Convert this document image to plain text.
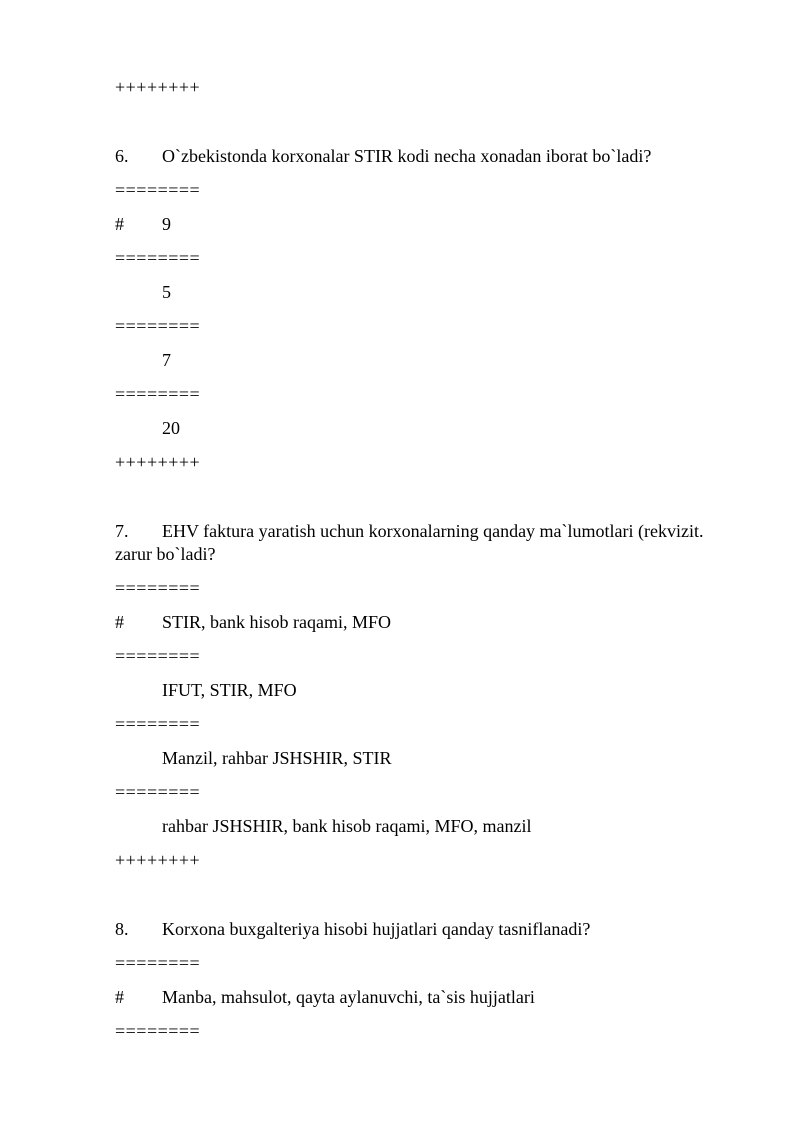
++++++++
6. O`zbekistonda korxonalar STIR kodi necha xonadan iborat bo`ladi?
========
# 9
========
5
========
7
========
20
++++++++
7. EHV faktura yaratish uchun korxonalarning qanday ma`lumotlari (rekvizit.
zarur bo`ladi?
========
# STIR, bank hisob raqami, MFO
========
IFUT, STIR, MFO
========
Manzil, rahbar JSHSHIR, STIR
========
rahbar JSHSHIR, bank hisob raqami, MFO, manzil
++++++++
8. Korxona buxgalteriya hisobi hujjatlari qanday tasniflanadi?
========
# Manba, mahsulot, qayta aylanuvchi, ta`sis hujjatlari
========
